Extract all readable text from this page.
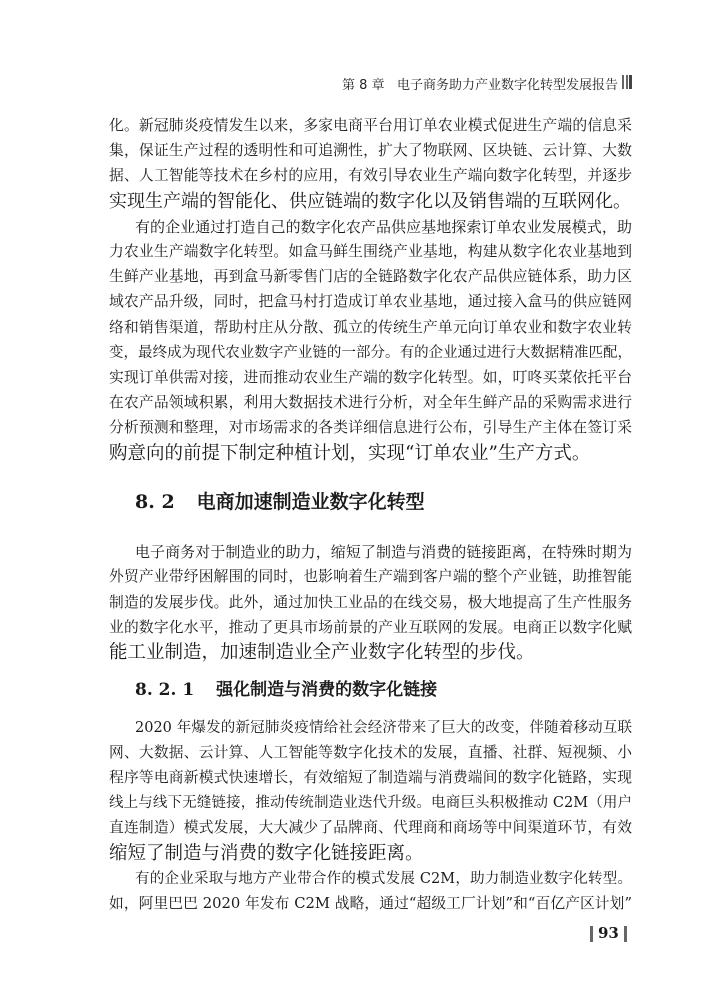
第 8 章 电子商务助力产业数字化转型发展报告
化。新冠肺炎疫情发生以来，多家电商平台用订单农业模式促进生产端的信息采
集，保证生产过程的透明性和可追溯性，扩大了物联网、区块链、云计算、大数
据、人工智能等技术在乡村的应用，有效引导农业生产端向数字化转型，并逐步
实现生产端的智能化、供应链端的数字化以及销售端的互联网化。
有的企业通过打造自己的数字化农产品供应基地探索订单农业发展模式，助
力农业生产端数字化转型。如盒马鲜生围绕产业基地，构建从数字化农业基地到
生鲜产业基地，再到盒马新零售门店的全链路数字化农产品供应链体系，助力区
域农产品升级，同时，把盒马村打造成订单农业基地，通过接入盒马的供应链网
络和销售渠道，帮助村庄从分散、孤立的传统生产单元向订单农业和数字农业转
变，最终成为现代农业数字产业链的一部分。有的企业通过进行大数据精准匹配，
实现订单供需对接，进而推动农业生产端的数字化转型。如，叮咚买菜依托平台
在农产品领域积累，利用大数据技术进行分析，对全年生鲜产品的采购需求进行
分析预测和整理，对市场需求的各类详细信息进行公布，引导生产主体在签订采
购意向的前提下制定种植计划，实现“订单农业”生产方式。
8. 2 电商加速制造业数字化转型
电子商务对于制造业的助力，缩短了制造与消费的链接距离，在特殊时期为
外贸产业带纾困解围的同时，也影响着生产端到客户端的整个产业链，助推智能
制造的发展步伐。此外，通过加快工业品的在线交易，极大地提高了生产性服务
业的数字化水平，推动了更具市场前景的产业互联网的发展。电商正以数字化赋
能工业制造，加速制造业全产业数字化转型的步伐。
8. 2. 1 强化制造与消费的数字化链接
2020 年爆发的新冠肺炎疫情给社会经济带来了巨大的改变，伴随着移动互联
网、大数据、云计算、人工智能等数字化技术的发展，直播、社群、短视频、小
程序等电商新模式快速增长，有效缩短了制造端与消费端间的数字化链路，实现
线上与线下无缝链接，推动传统制造业迭代升级。电商巨头积极推动 C2M（用户
直连制造）模式发展，大大减少了品牌商、代理商和商场等中间渠道环节，有效
缩短了制造与消费的数字化链接距离。
有的企业采取与地方产业带合作的模式发展 C2M，助力制造业数字化转型。
如，阿里巴巴 2020 年发布 C2M 战略，通过“超级工厂计划”和“百亿产区计划”
93
